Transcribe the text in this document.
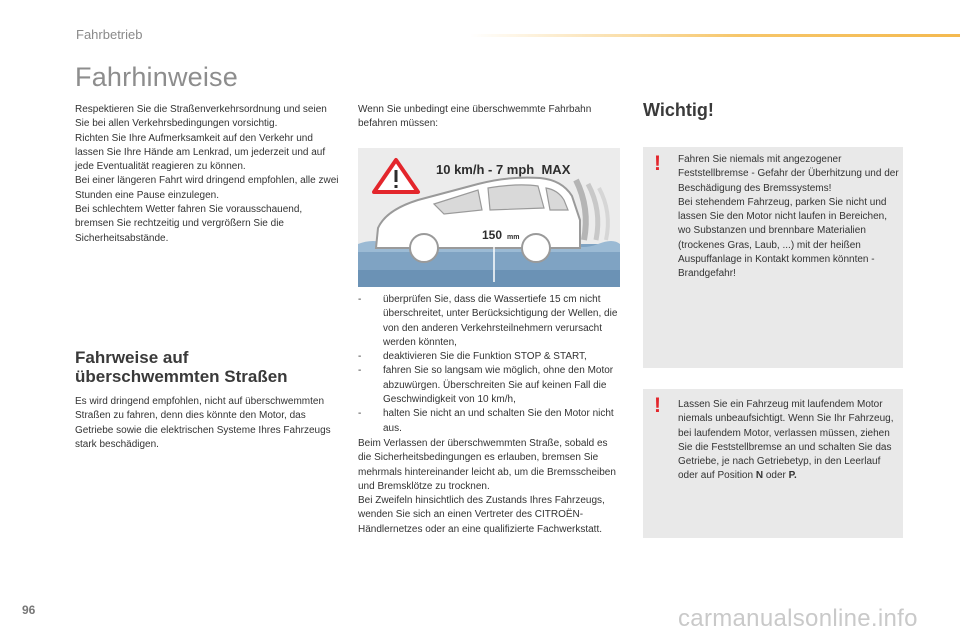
Fahrbetrieb
Fahrhinweise
Respektieren Sie die Straßenverkehrsordnung und seien Sie bei allen Verkehrsbedingungen vorsichtig.
Richten Sie Ihre Aufmerksamkeit auf den Verkehr und lassen Sie Ihre Hände am Lenkrad, um jederzeit und auf jede Eventualität reagieren zu können.
Bei einer längeren Fahrt wird dringend empfohlen, alle zwei Stunden eine Pause einzulegen.
Bei schlechtem Wetter fahren Sie vorausschauend, bremsen Sie rechtzeitig und vergrößern Sie die Sicherheitsabstände.
Fahrweise auf
überschwemmten Straßen
Es wird dringend empfohlen, nicht auf überschwemmten Straßen zu fahren, denn dies könnte den Motor, das Getriebe sowie die elektrischen Systeme Ihres Fahrzeugs stark beschädigen.
Wenn Sie unbedingt eine überschwemmte Fahrbahn befahren müssen:
150 mm
10 km/h - 7 mph  MAX
- überprüfen Sie, dass die Wassertiefe 15 cm nicht überschreitet, unter Berücksichtigung der Wellen, die von den anderen Verkehrsteilnehmern verursacht werden könnten,
- deaktivieren Sie die Funktion STOP & START,
- fahren Sie so langsam wie möglich, ohne den Motor abzuwürgen. Überschreiten Sie auf keinen Fall die Geschwindigkeit von 10 km/h,
- halten Sie nicht an und schalten Sie den Motor nicht aus.
Beim Verlassen der überschwemmten Straße, sobald es die Sicherheitsbedingungen es erlauben, bremsen Sie mehrmals hintereinander leicht ab, um die Bremsscheiben und Bremsklötze zu trocknen.
Bei Zweifeln hinsichtlich des Zustands Ihres Fahrzeugs, wenden Sie sich an einen Vertreter des CITROËN-Händlernetzes oder an eine qualifizierte Fachwerkstatt.
Wichtig!
! Fahren Sie niemals mit angezogener Feststellbremse - Gefahr der Überhitzung und der Beschädigung des Bremssystems!
Bei stehendem Fahrzeug, parken Sie nicht und lassen Sie den Motor nicht laufen in Bereichen, wo Substanzen und brennbare Materialien (trockenes Gras, Laub, ...) mit der heißen Auspuffanlage in Kontakt kommen könnten - Brandgefahr!
! Lassen Sie ein Fahrzeug mit laufendem Motor niemals unbeaufsichtigt. Wenn Sie Ihr Fahrzeug, bei laufendem Motor, verlassen müssen, ziehen Sie die Feststellbremse an und schalten Sie das Getriebe, je nach Getriebetyp, in den Leerlauf oder auf Position N oder P.
96	carmanualsonline.info
